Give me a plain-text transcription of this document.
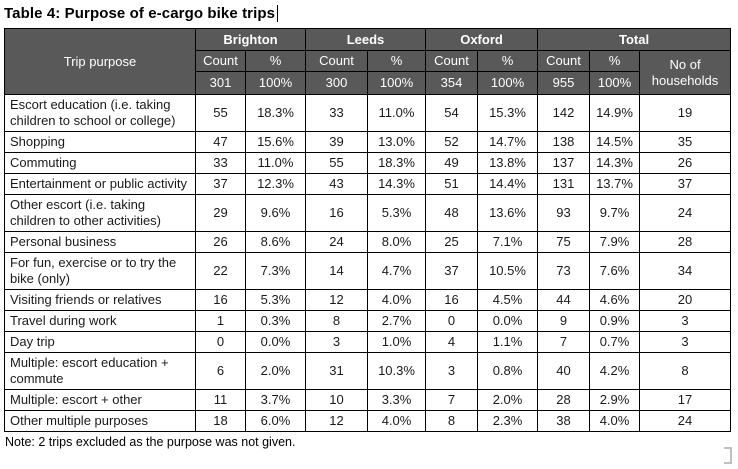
Table 4: Purpose of e-cargo bike trips
Trip purpose	Brighton		Leeds		Oxford		Total		
	Count	%	Count	%	Count	%	Count	%	No of households
	301	100%	300	100%	354	100%	955	100%	
Escort education (i.e. taking children to school or college)	55	18.3%	33	11.0%	54	15.3%	142	14.9%	19
Shopping	47	15.6%	39	13.0%	52	14.7%	138	14.5%	35
Commuting	33	11.0%	55	18.3%	49	13.8%	137	14.3%	26
Entertainment or public activity	37	12.3%	43	14.3%	51	14.4%	131	13.7%	37
Other escort (i.e. taking children to other activities)	29	9.6%	16	5.3%	48	13.6%	93	9.7%	24
Personal business	26	8.6%	24	8.0%	25	7.1%	75	7.9%	28
For fun, exercise or to try the bike (only)	22	7.3%	14	4.7%	37	10.5%	73	7.6%	34
Visiting friends or relatives	16	5.3%	12	4.0%	16	4.5%	44	4.6%	20
Travel during work	1	0.3%	8	2.7%	0	0.0%	9	0.9%	3
Day trip	0	0.0%	3	1.0%	4	1.1%	7	0.7%	3
Multiple: escort education + commute	6	2.0%	31	10.3%	3	0.8%	40	4.2%	8
Multiple: escort + other	11	3.7%	10	3.3%	7	2.0%	28	2.9%	17
Other multiple purposes	18	6.0%	12	4.0%	8	2.3%	38	4.0%	24
Note: 2 trips excluded as the purpose was not given.
